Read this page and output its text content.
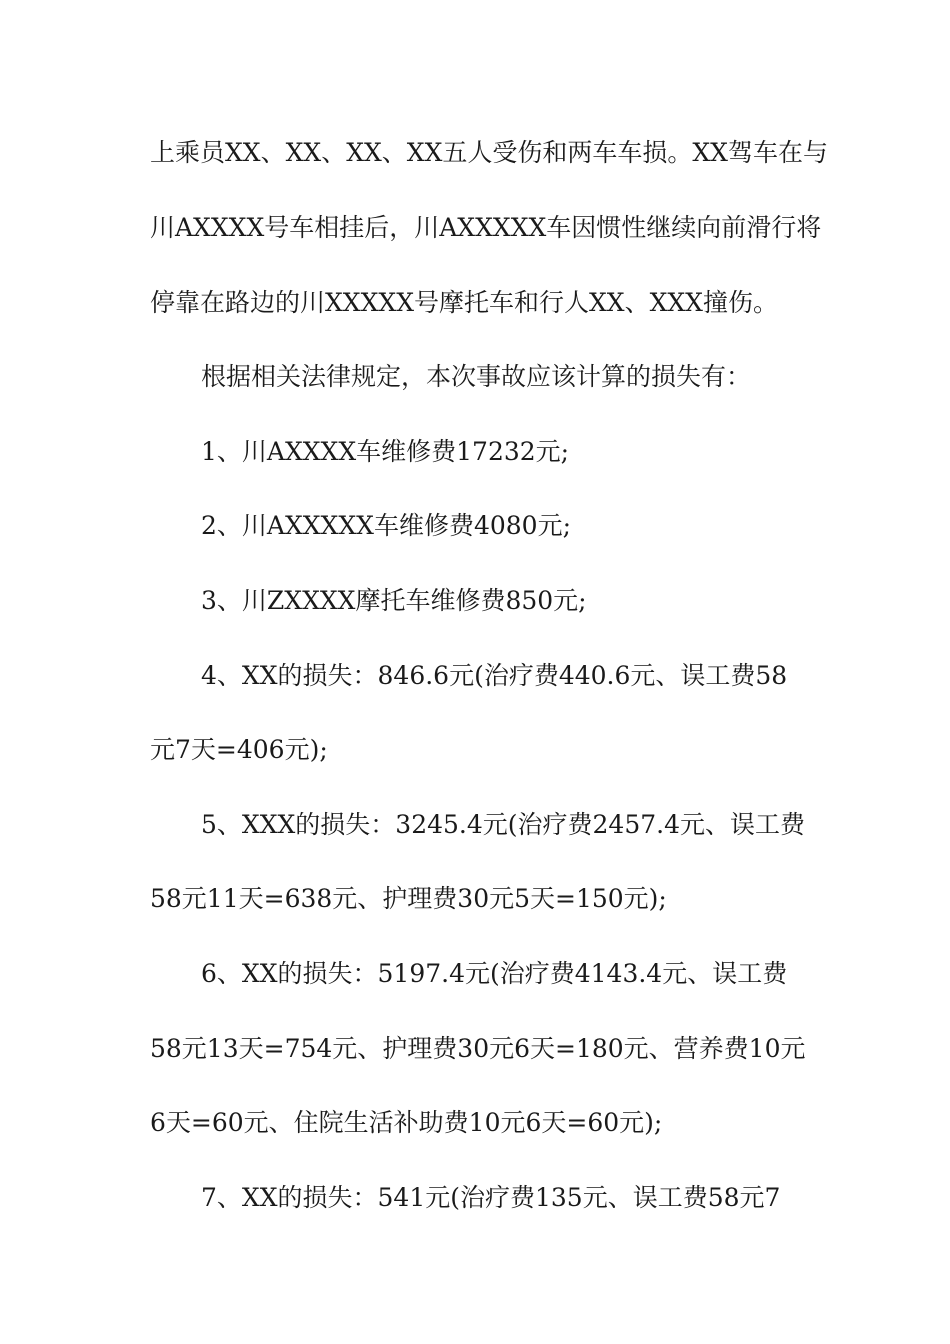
上乘员XX、XX、XX、XX五人受伤和两车车损。XX驾车在与
川AXXXX号车相挂后，川AXXXXX车因惯性继续向前滑行将
停靠在路边的川XXXXX号摩托车和行人XX、XXX撞伤。
根据相关法律规定，本次事故应该计算的损失有：
1、川AXXXX车维修费17232元;
2、川AXXXXX车维修费4080元;
3、川ZXXXX摩托车维修费850元;
4、XX的损失：846.6元(治疗费440.6元、误工费58
元7天=406元);
5、XXX的损失：3245.4元(治疗费2457.4元、误工费
58元11天=638元、护理费30元5天=150元);
6、XX的损失：5197.4元(治疗费4143.4元、误工费
58元13天=754元、护理费30元6天=180元、营养费10元
6天=60元、住院生活补助费10元6天=60元);
7、XX的损失：541元(治疗费135元、误工费58元7
